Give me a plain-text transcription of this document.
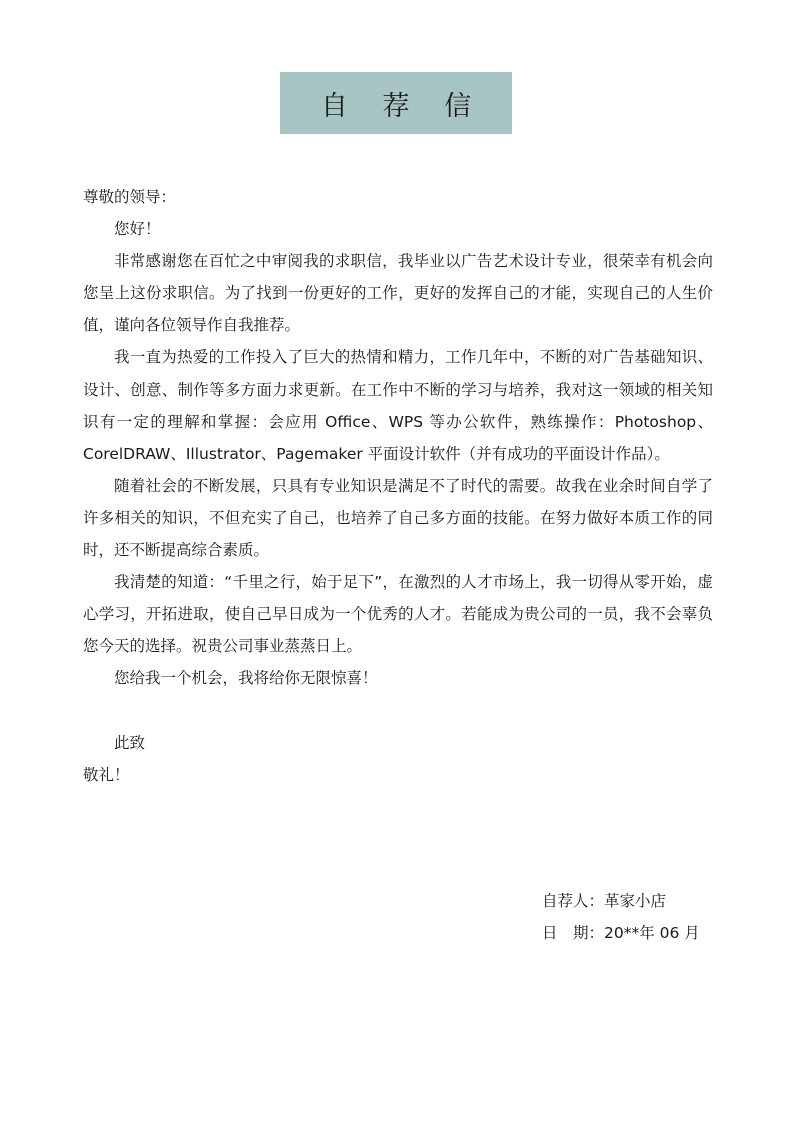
自 荐 信
尊敬的领导：
您好！

非常感谢您在百忙之中审阅我的求职信，我毕业以广告艺术设计专业，很荣幸有机会向您呈上这份求职信。为了找到一份更好的工作，更好的发挥自己的才能，实现自己的人生价值，谨向各位领导作自我推荐。

我一直为热爱的工作投入了巨大的热情和精力，工作几年中，不断的对广告基础知识、设计、创意、制作等多方面力求更新。在工作中不断的学习与培养，我对这一领域的相关知识有一定的理解和掌握：会应用 Office、WPS 等办公软件，熟练操作：Photoshop、CorelDRAW、Illustrator、Pagemaker 平面设计软件（并有成功的平面设计作品）。

随着社会的不断发展，只具有专业知识是满足不了时代的需要。故我在业余时间自学了许多相关的知识，不但充实了自己，也培养了自己多方面的技能。在努力做好本质工作的同时，还不断提高综合素质。

我清楚的知道：“千里之行，始于足下”，在激烈的人才市场上，我一切得从零开始，虚心学习，开拓进取，使自己早日成为一个优秀的人才。若能成为贵公司的一员，我不会辜负您今天的选择。祝贵公司事业蒸蒸日上。

您给我一个机会，我将给你无限惊喜！

此致
敬礼！
自荐人：革家小店
日　期：20**年 06 月
